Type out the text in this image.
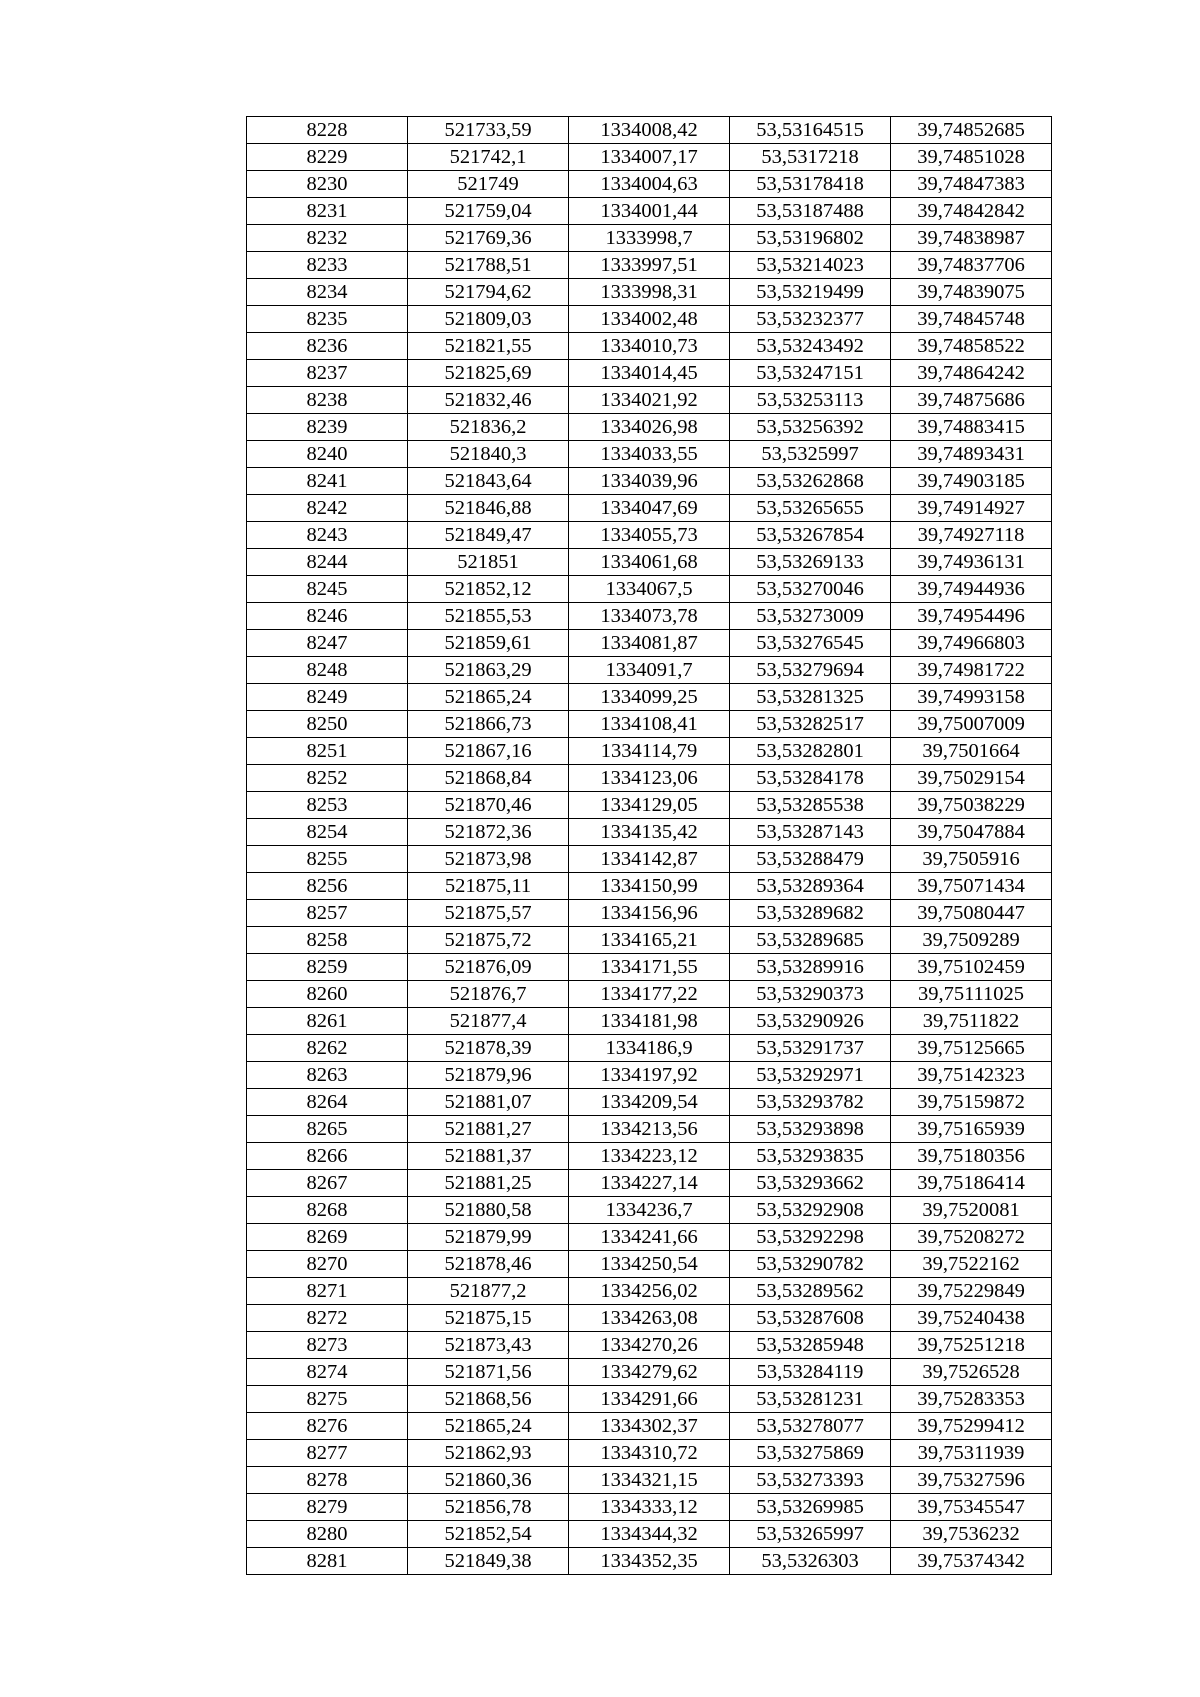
8228	521733,59	1334008,42	53,53164515	39,74852685
8229	521742,1	1334007,17	53,5317218	39,74851028
8230	521749	1334004,63	53,53178418	39,74847383
8231	521759,04	1334001,44	53,53187488	39,74842842
8232	521769,36	1333998,7	53,53196802	39,74838987
8233	521788,51	1333997,51	53,53214023	39,74837706
8234	521794,62	1333998,31	53,53219499	39,74839075
8235	521809,03	1334002,48	53,53232377	39,74845748
8236	521821,55	1334010,73	53,53243492	39,74858522
8237	521825,69	1334014,45	53,53247151	39,74864242
8238	521832,46	1334021,92	53,53253113	39,74875686
8239	521836,2	1334026,98	53,53256392	39,74883415
8240	521840,3	1334033,55	53,5325997	39,74893431
8241	521843,64	1334039,96	53,53262868	39,74903185
8242	521846,88	1334047,69	53,53265655	39,74914927
8243	521849,47	1334055,73	53,53267854	39,74927118
8244	521851	1334061,68	53,53269133	39,74936131
8245	521852,12	1334067,5	53,53270046	39,74944936
8246	521855,53	1334073,78	53,53273009	39,74954496
8247	521859,61	1334081,87	53,53276545	39,74966803
8248	521863,29	1334091,7	53,53279694	39,74981722
8249	521865,24	1334099,25	53,53281325	39,74993158
8250	521866,73	1334108,41	53,53282517	39,75007009
8251	521867,16	1334114,79	53,53282801	39,7501664
8252	521868,84	1334123,06	53,53284178	39,75029154
8253	521870,46	1334129,05	53,53285538	39,75038229
8254	521872,36	1334135,42	53,53287143	39,75047884
8255	521873,98	1334142,87	53,53288479	39,7505916
8256	521875,11	1334150,99	53,53289364	39,75071434
8257	521875,57	1334156,96	53,53289682	39,75080447
8258	521875,72	1334165,21	53,53289685	39,7509289
8259	521876,09	1334171,55	53,53289916	39,75102459
8260	521876,7	1334177,22	53,53290373	39,75111025
8261	521877,4	1334181,98	53,53290926	39,7511822
8262	521878,39	1334186,9	53,53291737	39,75125665
8263	521879,96	1334197,92	53,53292971	39,75142323
8264	521881,07	1334209,54	53,53293782	39,75159872
8265	521881,27	1334213,56	53,53293898	39,75165939
8266	521881,37	1334223,12	53,53293835	39,75180356
8267	521881,25	1334227,14	53,53293662	39,75186414
8268	521880,58	1334236,7	53,53292908	39,7520081
8269	521879,99	1334241,66	53,53292298	39,75208272
8270	521878,46	1334250,54	53,53290782	39,7522162
8271	521877,2	1334256,02	53,53289562	39,75229849
8272	521875,15	1334263,08	53,53287608	39,75240438
8273	521873,43	1334270,26	53,53285948	39,75251218
8274	521871,56	1334279,62	53,53284119	39,7526528
8275	521868,56	1334291,66	53,53281231	39,75283353
8276	521865,24	1334302,37	53,53278077	39,75299412
8277	521862,93	1334310,72	53,53275869	39,75311939
8278	521860,36	1334321,15	53,53273393	39,75327596
8279	521856,78	1334333,12	53,53269985	39,75345547
8280	521852,54	1334344,32	53,53265997	39,7536232
8281	521849,38	1334352,35	53,5326303	39,75374342
